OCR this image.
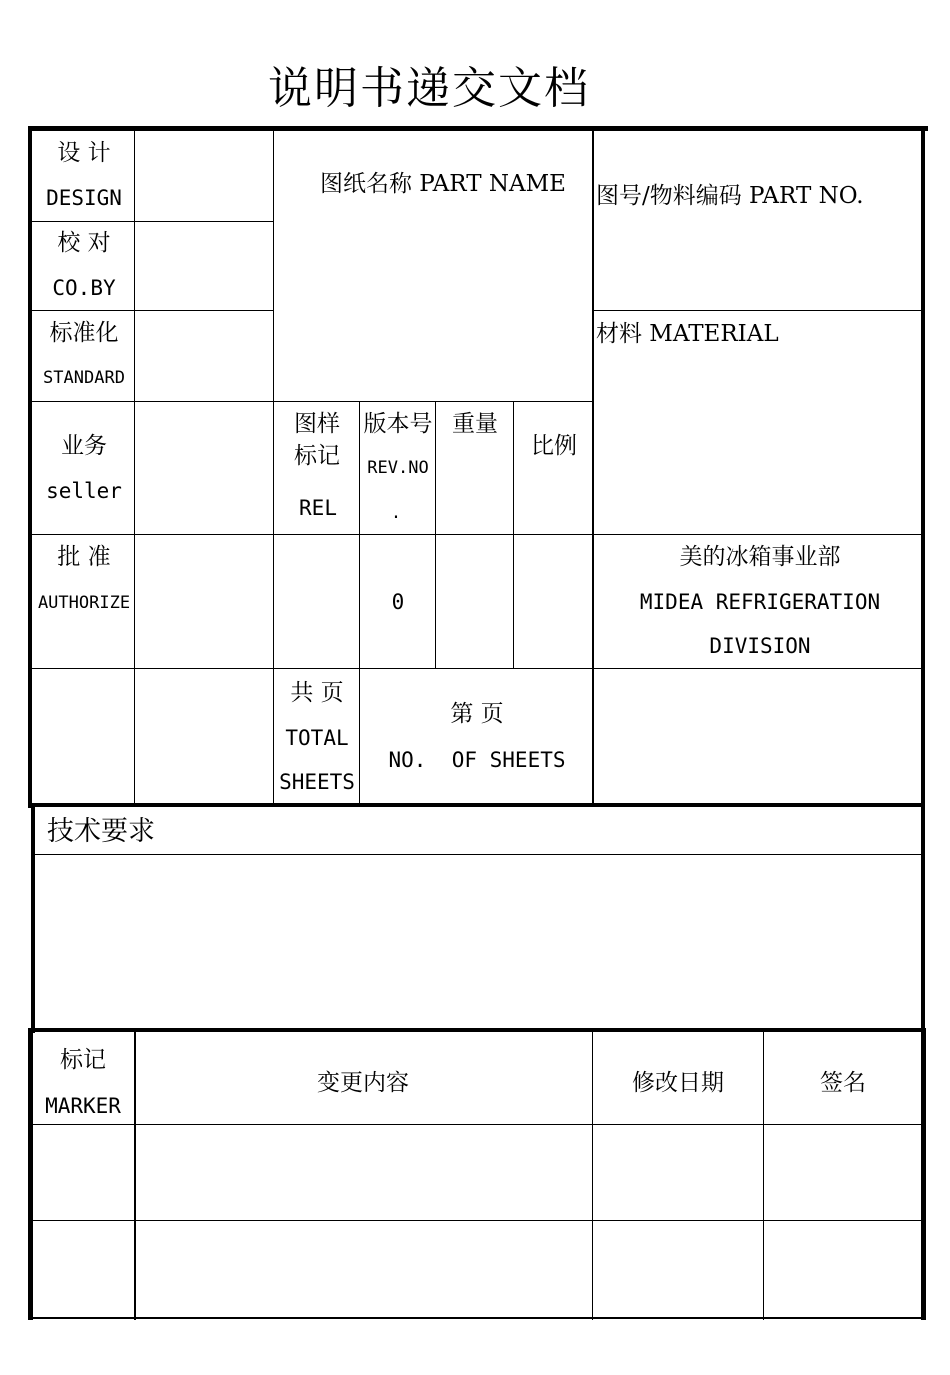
说明书递交文档
设 计
DESIGN
校 对
CO.BY
标准化
STANDARD
业务
seller
批 准
AUTHORIZE
图纸名称 PART NAME 图号/物料编码 PART NO.
材料 MATERIAL
图样
标记
REL
版本号
REV.NO
.
重量
比例
0
美的冰箱事业部
MIDEA REFRIGERATION
DIVISION
共 页
TOTAL
SHEETS
第 页
NO.  OF SHEETS
技术要求
标记
MARKER
变更内容	修改日期	签名
